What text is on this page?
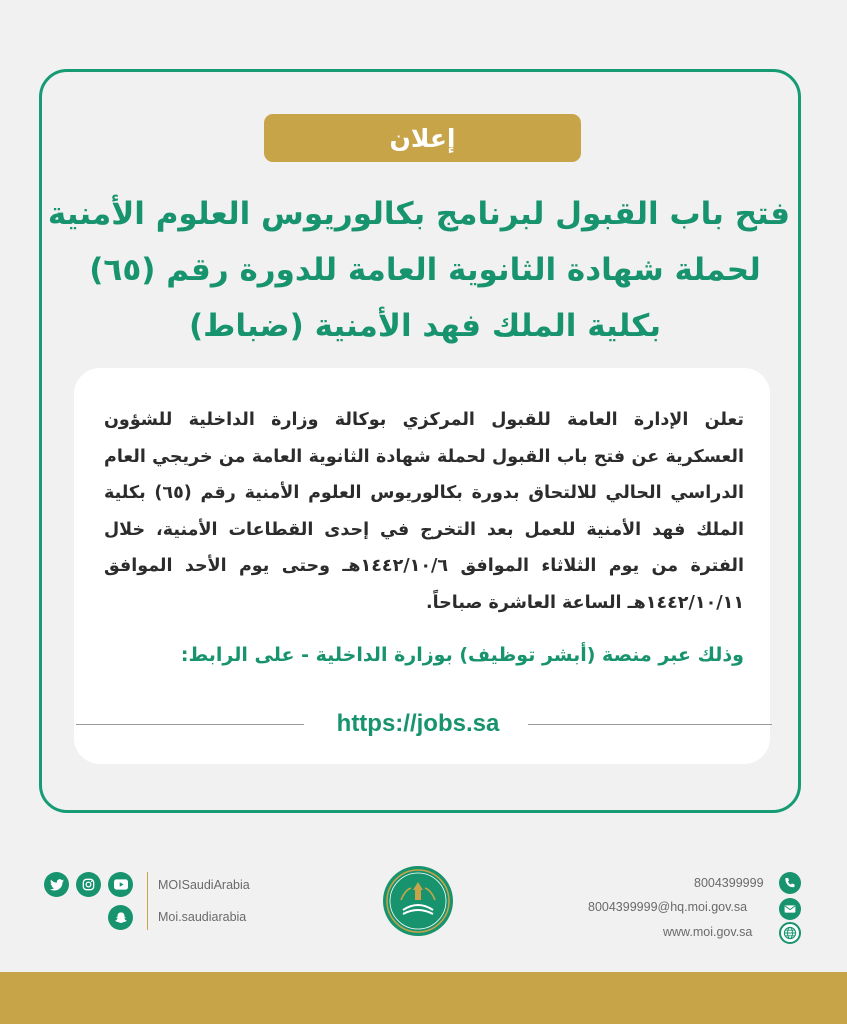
إعلان
فتح باب القبول لبرنامج بكالوريوس العلوم الأمنية
لحملة شهادة الثانوية العامة للدورة رقم (٦٥)
بكلية الملك فهد الأمنية (ضباط)
تعلن الإدارة العامة للقبول المركزي بوكالة وزارة الداخلية للشؤون العسكرية عن فتح باب القبول لحملة شهادة الثانوية العامة من خريجي العام الدراسي الحالي للالتحاق بدورة بكالوريوس العلوم الأمنية رقم (٦٥) بكلية الملك فهد الأمنية للعمل بعد التخرج في إحدى القطاعات الأمنية، خلال الفترة من يوم الثلاثاء الموافق ١٤٤٢/١٠/٦هـ وحتى يوم الأحد الموافق ١٤٤٢/١٠/١١هـ الساعة العاشرة صباحاً.
وذلك عبر منصة (أبشر توظيف) بوزارة الداخلية - على الرابط:
https://jobs.sa
MOISaudiArabia
Moi.saudiarabia
8004399999
8004399999@hq.moi.gov.sa
www.moi.gov.sa
